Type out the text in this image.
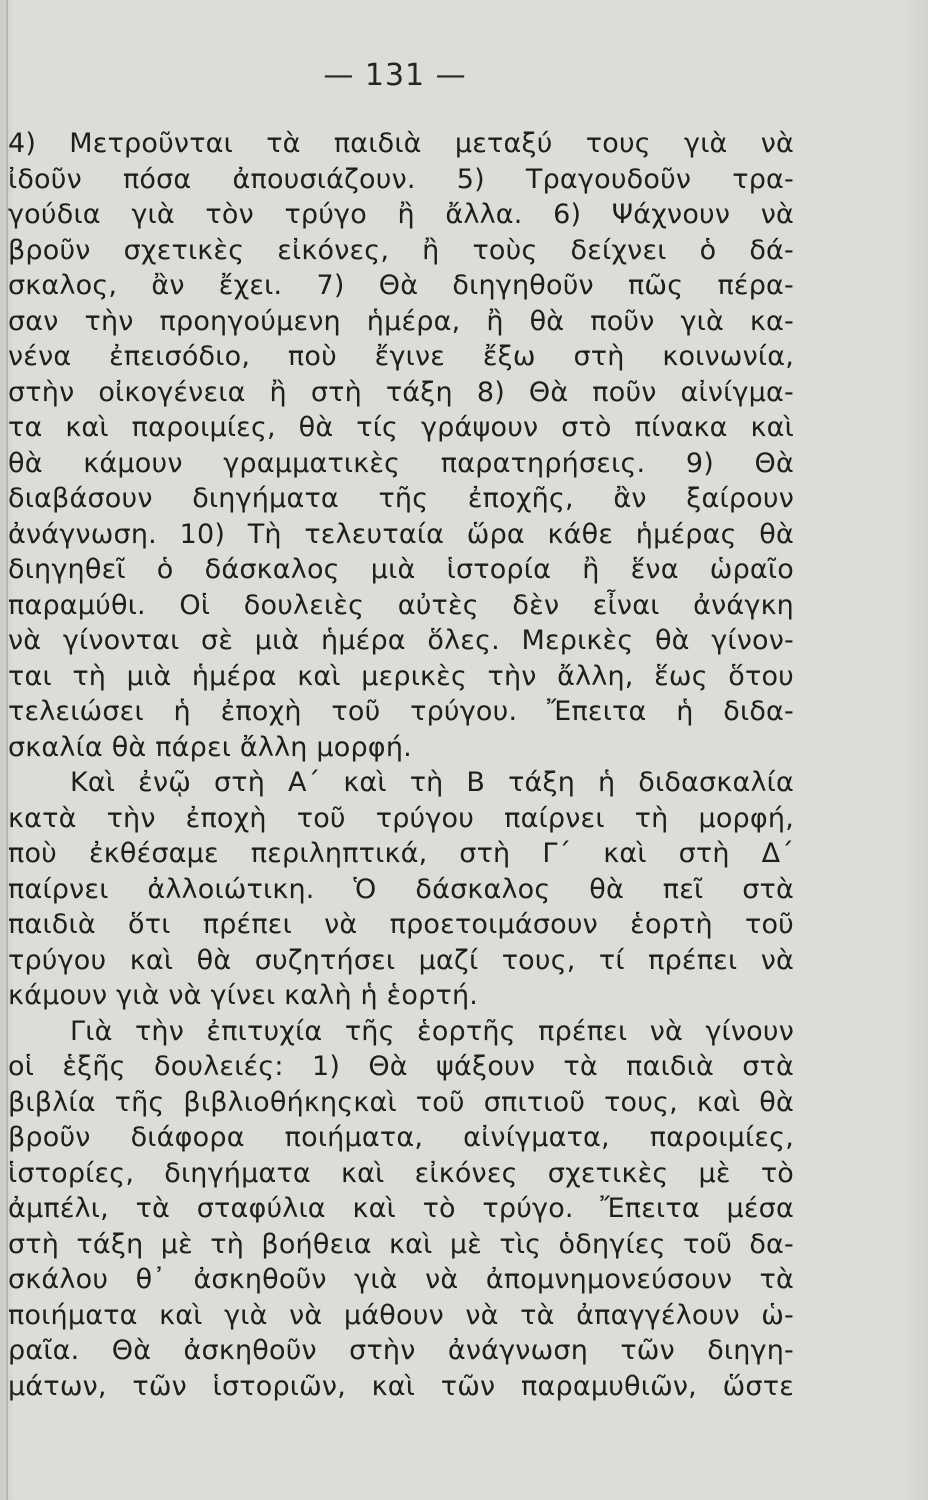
— 131 —
4) Μετροῦνται τὰ παιδιὰ μεταξύ τους γιὰ νὰ
ἰδοῦν πόσα ἀπουσιάζουν. 5) Τραγουδοῦν τρα-
γούδια γιὰ τὸν τρύγο ἢ ἄλλα. 6) Ψάχνουν νὰ
βροῦν σχετικὲς εἰκόνες, ἢ τοὺς δείχνει ὁ δά-
σκαλος, ἂν ἔχει. 7) Θὰ διηγηθοῦν πῶς πέρα-
σαν τὴν προηγούμενη ἡμέρα, ἢ θὰ ποῦν γιὰ κα-
νένα ἐπεισόδιο, ποὺ ἔγινε ἔξω στὴ κοινωνία,
στὴν οἰκογένεια ἢ στὴ τάξη 8) Θὰ ποῦν αἰνίγμα-
τα καὶ παροιμίες, θὰ τίς γράψουν στὸ πίνακα καὶ
θὰ κάμουν γραμματικὲς παρατηρήσεις. 9) Θὰ
διαβάσουν διηγήματα τῆς ἐποχῆς, ἂν ξαίρουν
ἀνάγνωση. 10) Τὴ τελευταία ὥρα κάθε ἡμέρας θὰ
διηγηθεῖ ὁ δάσκαλος μιὰ ἱστορία ἢ ἕνα ὡραῖο
παραμύθι. Οἱ δουλειὲς αὐτὲς δὲν εἶναι ἀνάγκη
νὰ γίνονται σὲ μιὰ ἡμέρα ὅλες. Μερικὲς θὰ γίνον-
ται τὴ μιὰ ἡμέρα καὶ μερικὲς τὴν ἄλλη, ἕως ὅτου
τελειώσει ἡ ἐποχὴ τοῦ τρύγου. Ἔπειτα ἡ διδα-
σκαλία θὰ πάρει ἄλλη μορφή.
Καὶ ἐνῷ στὴ Α΄ καὶ τὴ Β τάξη ἡ διδασκαλία
κατὰ τὴν ἐποχὴ τοῦ τρύγου παίρνει τὴ μορφή,
ποὺ ἐκθέσαμε περιληπτικά, στὴ Γ΄ καὶ στὴ Δ΄
παίρνει ἀλλοιώτικη. Ὁ δάσκαλος θὰ πεῖ στὰ
παιδιὰ ὅτι πρέπει νὰ προετοιμάσουν ἑορτὴ τοῦ
τρύγου καὶ θὰ συζητήσει μαζί τους, τί πρέπει νὰ
κάμουν γιὰ νὰ γίνει καλὴ ἡ ἑορτή.
Γιὰ τὴν ἐπιτυχία τῆς ἑορτῆς πρέπει νὰ γίνουν
οἱ ἑξῆς δουλειές: 1) Θὰ ψάξουν τὰ παιδιὰ στὰ
βιβλία τῆς βιβλιοθήκηςκαὶ τοῦ σπιτιοῦ τους, καὶ θὰ
βροῦν διάφορα ποιήματα, αἰνίγματα, παροιμίες,
ἱστορίες, διηγήματα καὶ εἰκόνες σχετικὲς μὲ τὸ
ἀμπέλι, τὰ σταφύλια καὶ τὸ τρύγο. Ἔπειτα μέσα
στὴ τάξη μὲ τὴ βοήθεια καὶ μὲ τὶς ὁδηγίες τοῦ δα-
σκάλου θ᾽ ἀσκηθοῦν γιὰ νὰ ἀπομνημονεύσουν τὰ
ποιήματα καὶ γιὰ νὰ μάθουν νὰ τὰ ἀπαγγέλουν ὡ-
ραῖα. Θὰ ἀσκηθοῦν στὴν ἀνάγνωση τῶν διηγη-
μάτων, τῶν ἱστοριῶν, καὶ τῶν παραμυθιῶν, ὥστε
